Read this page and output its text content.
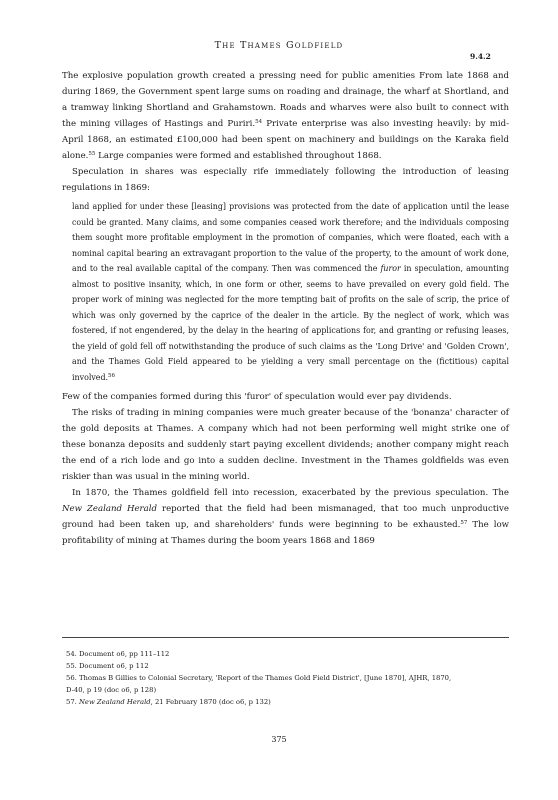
The Thames Goldfield
9.4.2

The explosive population growth created a pressing need for public amenities From late 1868 and during 1869, the Government spent large sums on roading and drainage, the wharf at Shortland, and a tramway linking Shortland and Grahamstown. Roads and wharves were also built to connect with the mining villages of Hastings and Puriri.$^{54}$ Private enterprise was also investing heavily: by mid-April 1868, an estimated £100,000 had been spent on machinery and buildings on the Karaka field alone.$^{55}$ Large companies were formed and established throughout 1868.

Speculation in shares was especially rife immediately following the introduction of leasing regulations in 1869:

land applied for under these [leasing] provisions was protected from the date of application until the lease could be granted. Many claims, and some companies ceased work therefore; and the individuals composing them sought more profitable employment in the promotion of companies, which were floated, each with a nominal capital bearing an extravagant proportion to the value of the property, to the amount of work done, and to the real available capital of the company. Then was commenced the furor in speculation, amounting almost to positive insanity, which, in one form or other, seems to have prevailed on every gold field. The proper work of mining was neglected for the more tempting bait of profits on the sale of scrip, the price of which was only governed by the caprice of the dealer in the article. By the neglect of work, which was fostered, if not engendered, by the delay in the hearing of applications for, and granting or refusing leases, the yield of gold fell off notwithstanding the produce of such claims as the 'Long Drive' and 'Golden Crown', and the Thames Gold Field appeared to be yielding a very small percentage on the (fictitious) capital involved.$^{56}$

Few of the companies formed during this 'furor' of speculation would ever pay dividends.

The risks of trading in mining companies were much greater because of the 'bonanza' character of the gold deposits at Thames. A company which had not been performing well might strike one of these bonanza deposits and suddenly start paying excellent dividends; another company might reach the end of a rich lode and go into a sudden decline. Investment in the Thames goldfields was even riskier than was usual in the mining world.

In 1870, the Thames goldfield fell into recession, exacerbated by the previous speculation. The New Zealand Herald reported that the field had been mismanaged, that too much unproductive ground had been taken up, and shareholders' funds were beginning to be exhausted.$^{57}$ The low profitability of mining at Thames during the boom years 1868 and 1869

54. Document o6, pp 111–112
55. Document o6, p 112
56. Thomas B Gillies to Colonial Secretary, 'Report of the Thames Gold Field District', [June 1870], AJHR, 1870,
D-40, p 19 (doc o6, p 128)
57. New Zealand Herald, 21 February 1870 (doc o6, p 132)
375
